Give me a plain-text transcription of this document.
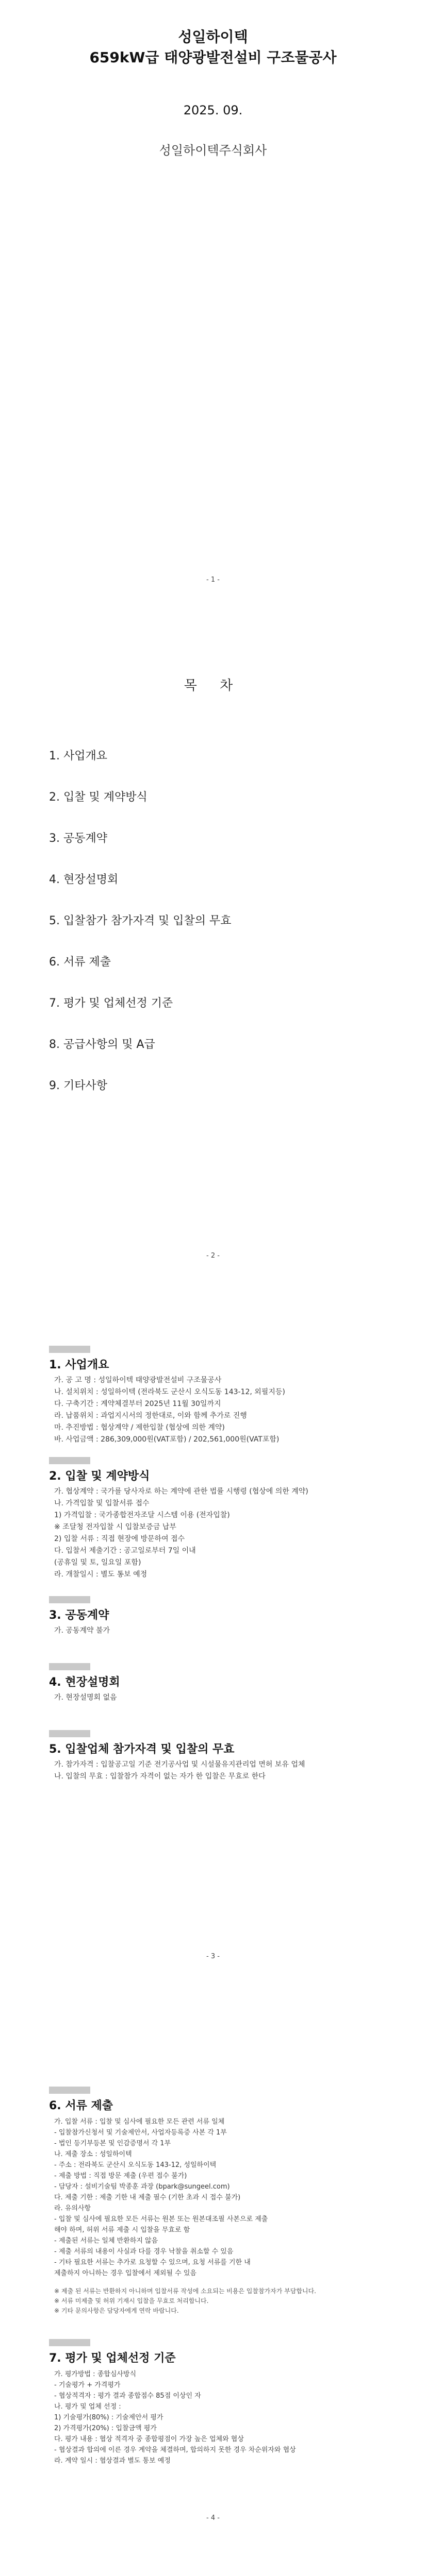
성일하이텍
659kW급 태양광발전설비 구조물공사
2025. 09.
성일하이텍주식회사
- 1 -
목 차
1. 사업개요
2. 입찰 및 계약방식
3. 공동계약
4. 현장설명회
5. 입찰참가 참가자격 및 입찰의 무효
6. 서류 제출
7. 평가 및 업체선정 기준
8. 공급사항의 및 A급
9. 기타사항
- 2 -
1. 사업개요
가. 공 고 명 : 성일하이텍 태양광발전설비 구조물공사
나. 설치위치 : 성일하이텍 (전라북도 군산시 오식도동 143-12, 외필지등)
다. 구축기간 : 계약체결부터 2025년 11월 30일까지
라. 납품위치 : 과업지시서의 정한대로, 이와 함께 추가로 진행
마. 추진방법 : 협상계약 / 제한입찰 (협상에 의한 계약)
바. 사업금액 : 286,309,000원(VAT포함) / 202,561,000원(VAT포함)
2. 입찰 및 계약방식
가. 협상계약 : 국가를 당사자로 하는 계약에 관한 법률 시행령 (협상에 의한 계약)
나. 가격입찰 및 입찰서류 접수
1) 가격입찰 : 국가종합전자조달 시스템 이용 (전자입찰)
※ 조달청 전자입찰 시 입찰보증금 납부
2) 입찰 서류 : 직접 현장에 방문하여 접수
다. 입찰서 제출기간 : 공고일로부터 7일 이내
(공휴일 및 토, 일요일 포함)
라. 개찰일시 : 별도 통보 예정
3. 공동계약
가. 공동계약 불가
4. 현장설명회
가. 현장설명회 없음
5. 입찰업체 참가자격 및 입찰의 무효
가. 참가자격 : 입찰공고일 기준 전기공사업 및 시설물유지관리업 면허 보유 업체
나. 입찰의 무효 : 입찰참가 자격이 없는 자가 한 입찰은 무효로 한다
- 3 -
6. 서류 제출
가. 입찰 서류 : 입찰 및 심사에 필요한 모든 관련 서류 일체
- 입찰참가신청서 및 기술제안서, 사업자등록증 사본 각 1부
- 법인 등기부등본 및 인감증명서 각 1부
나. 제출 장소 : 성일하이텍
- 주소 : 전라북도 군산시 오식도동 143-12, 성일하이텍
- 제출 방법 : 직접 방문 제출 (우편 접수 불가)
- 담당자 : 설비기술팀 박종훈 과장 (bpark@sungeel.com)
다. 제출 기한 : 제출 기한 내 제출 필수 (기한 초과 시 접수 불가)
라. 유의사항
- 입찰 및 심사에 필요한 모든 서류는 원본 또는 원본대조필 사본으로 제출
해야 하며, 허위 서류 제출 시 입찰을 무효로 함
- 제출된 서류는 일체 반환하지 않음
- 제출 서류의 내용이 사실과 다를 경우 낙찰을 취소할 수 있음
- 기타 필요한 서류는 추가로 요청할 수 있으며, 요청 서류를 기한 내
제출하지 아니하는 경우 입찰에서 제외될 수 있음
※ 제출 된 서류는 반환하지 아니하며 입찰서류 작성에 소요되는 비용은 입찰참가자가 부담합니다.
※ 서류 미제출 및 허위 기재시 입찰을 무효로 처리합니다.
※ 기타 문의사항은 담당자에게 연락 바랍니다.
7. 평가 및 업체선정 기준
가. 평가방법 : 종합심사방식
- 기술평가 + 가격평가
- 협상적격자 : 평가 결과 종합점수 85점 이상인 자
나. 평가 및 업체 선정 :
1) 기술평가(80%) : 기술제안서 평가
2) 가격평가(20%) : 입찰금액 평가
다. 평가 내용 : 협상 적격자 중 종합평점이 가장 높은 업체와 협상
- 협상결과 합의에 이른 경우 계약을 체결하며, 합의하지 못한 경우 차순위자와 협상
라. 계약 일시 : 협상결과 별도 통보 예정
- 4 -
